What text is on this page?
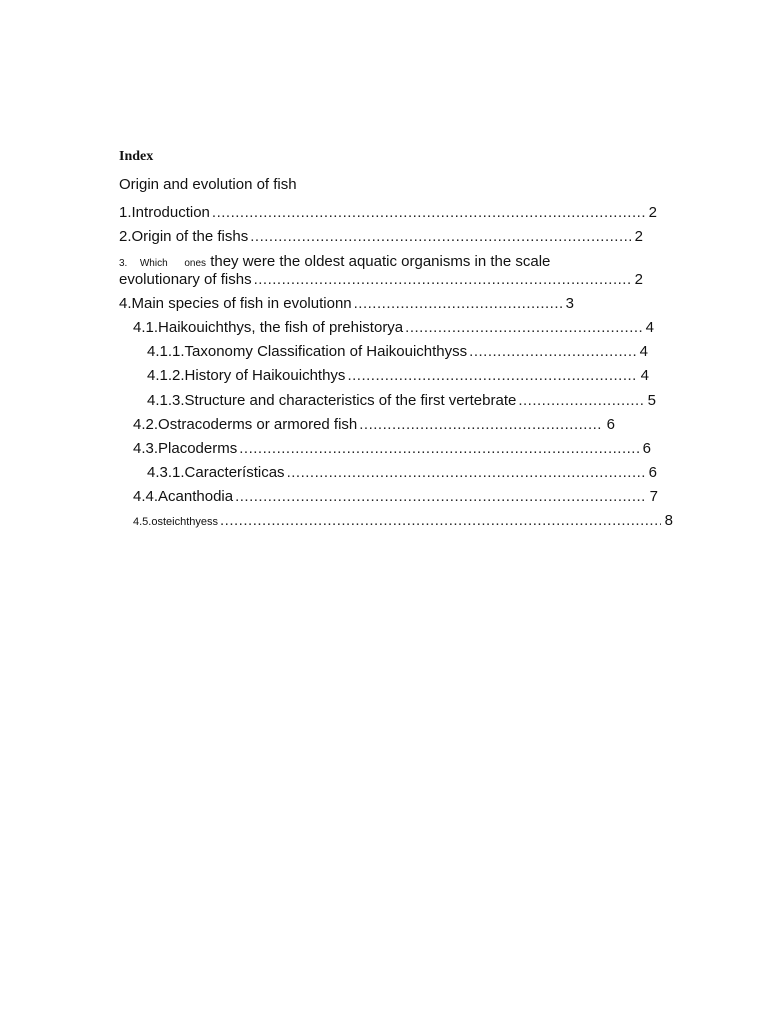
Index
Origin and evolution of fish
1. Introduction .....	2
2. Origin of the fishs .....	2
3. Which ones they were the oldest aquatic organisms in the scale
evolutionary of fishs .....	2
4. Main species of fish in evolutionn .....	3
4.1. Haikouichthys, the fish of prehistorya .....	4
4.1.1. Taxonomy Classification of Haikouichthyss .....	4
4.1.2. History of Haikouichthys .....	4
4.1.3. Structure and characteristics of the first vertebrate .....	5
4.2. Ostracoderms or armored fish .....	6
4.3. Placoderms .....	6
4.3.1. Características .....	6
4.4. Acanthodia .....	7
4.5. osteichthyess .....	8
